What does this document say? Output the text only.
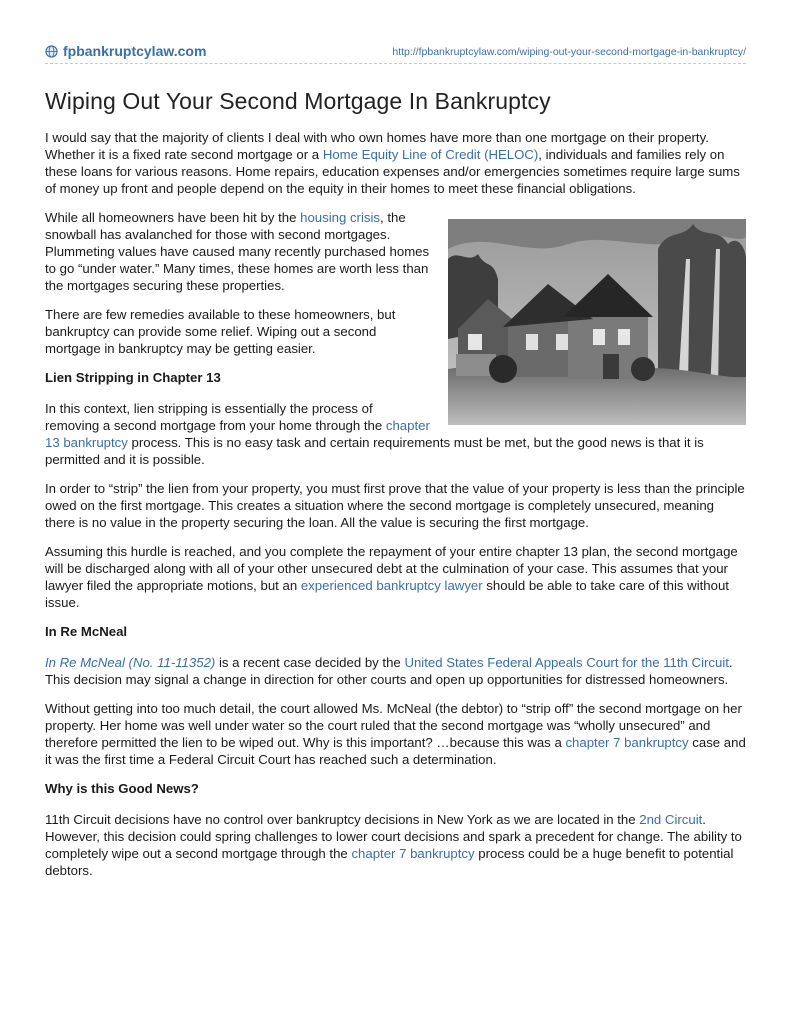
fpbankruptcylaw.com	http://fpbankruptcylaw.com/wiping-out-your-second-mortgage-in-bankruptcy/
Wiping Out Your Second Mortgage In Bankruptcy

I would say that the majority of clients I deal with who own homes have more than one mortgage on their property. Whether it is a fixed rate second mortgage or a Home Equity Line of Credit (HELOC), individuals and families rely on these loans for various reasons. Home repairs, education expenses and/or emergencies sometimes require large sums of money up front and people depend on the equity in their homes to meet these financial obligations.

While all homeowners have been hit by the housing crisis, the snowball has avalanched for those with second mortgages. Plummeting values have caused many recently purchased homes to go “under water.” Many times, these homes are worth less than the mortgages securing these properties.

There are few remedies available to these homeowners, but bankruptcy can provide some relief. Wiping out a second mortgage in bankruptcy may be getting easier.

Lien Stripping in Chapter 13

In this context, lien stripping is essentially the process of removing a second mortgage from your home through the chapter 13 bankruptcy process. This is no easy task and certain requirements must be met, but the good news is that it is permitted and it is possible.

In order to “strip” the lien from your property, you must first prove that the value of your property is less than the principle owed on the first mortgage. This creates a situation where the second mortgage is completely unsecured, meaning there is no value in the property securing the loan. All the value is securing the first mortgage.

Assuming this hurdle is reached, and you complete the repayment of your entire chapter 13 plan, the second mortgage will be discharged along with all of your other unsecured debt at the culmination of your case. This assumes that your lawyer filed the appropriate motions, but an experienced bankruptcy lawyer should be able to take care of this without issue.

In Re McNeal

In Re McNeal (No. 11-11352) is a recent case decided by the United States Federal Appeals Court for the 11th Circuit. This decision may signal a change in direction for other courts and open up opportunities for distressed homeowners.

Without getting into too much detail, the court allowed Ms. McNeal (the debtor) to “strip off” the second mortgage on her property. Her home was well under water so the court ruled that the second mortgage was “wholly unsecured” and therefore permitted the lien to be wiped out. Why is this important? …because this was a chapter 7 bankruptcy case and it was the first time a Federal Circuit Court has reached such a determination.

Why is this Good News?

11th Circuit decisions have no control over bankruptcy decisions in New York as we are located in the 2nd Circuit. However, this decision could spring challenges to lower court decisions and spark a precedent for change. The ability to completely wipe out a second mortgage through the chapter 7 bankruptcy process could be a huge benefit to potential debtors.
